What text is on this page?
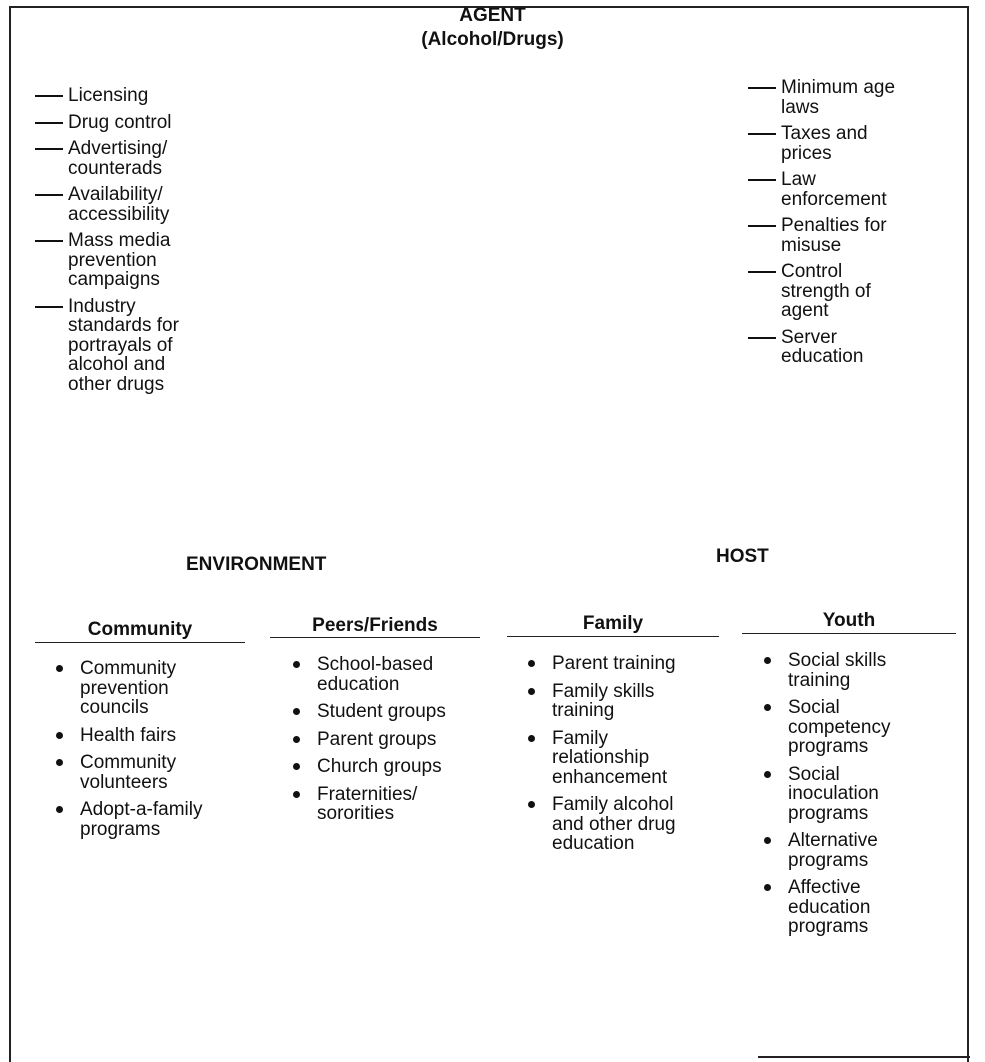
AGENT
(Alcohol/Drugs)
Licensing
Drug control
Advertising/
counterads
Availability/
accessibility
Mass media
prevention
campaigns
Industry
standards for
portrayals of
alcohol and
other drugs
Minimum age
laws
Taxes and
prices
Law
enforcement
Penalties for
misuse
Control
strength of
agent
Server
education
ENVIRONMENT	HOST
Community	Peers/Friends	Family	Youth
Community
prevention
councils
Health fairs
Community
volunteers
Adopt-a-family
programs
School-based
education
Student groups
Parent groups
Church groups
Fraternities/
sororities
Parent training
Family skills
training
Family
relationship
enhancement
Family alcohol
and other drug
education
Social skills
training
Social
competency
programs
Social
inoculation
programs
Alternative
programs
Affective
education
programs
